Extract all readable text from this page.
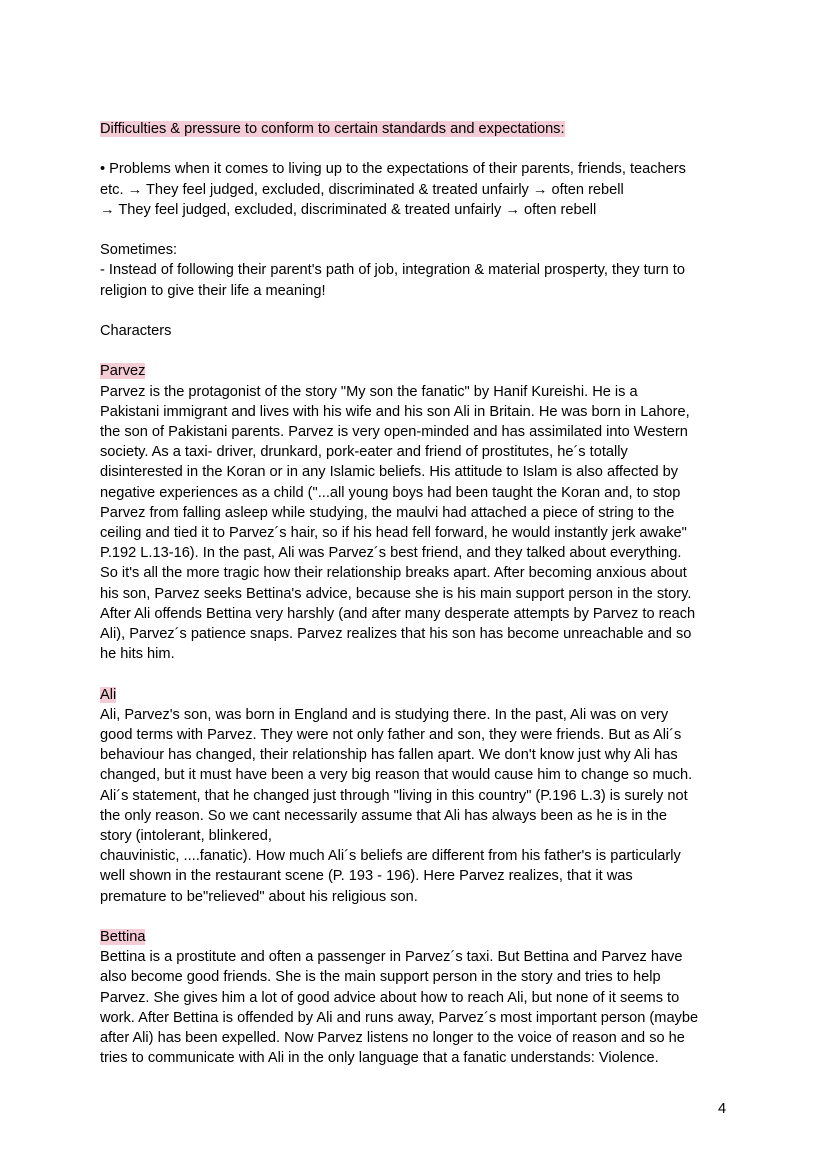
Difficulties & pressure to conform to certain standards and expectations:
• Problems when it comes to living up to the expectations of their parents, friends, teachers
etc. → They feel judged, excluded, discriminated & treated unfairly → often rebell
→ They feel judged, excluded, discriminated & treated unfairly → often rebell
Sometimes:
- Instead of following their parent's path of job, integration & material prosperty, they turn to
religion to give their life a meaning!
Characters
Parvez
Parvez is the protagonist of the story "My son the fanatic" by Hanif Kureishi. He is a
Pakistani immigrant and lives with his wife and his son Ali in Britain. He was born in Lahore,
the son of Pakistani parents. Parvez is very open-minded and has assimilated into Western
society. As a taxi- driver, drunkard, pork-eater and friend of prostitutes, he´s totally
disinterested in the Koran or in any Islamic beliefs. His attitude to Islam is also affected by
negative experiences as a child ("...all young boys had been taught the Koran and, to stop
Parvez from falling asleep while studying, the maulvi had attached a piece of string to the
ceiling and tied it to Parvez´s hair, so if his head fell forward, he would instantly jerk awake"
P.192 L.13-16). In the past, Ali was Parvez´s best friend, and they talked about everything.
So it's all the more tragic how their relationship breaks apart. After becoming anxious about
his son, Parvez seeks Bettina's advice, because she is his main support person in the story.
After Ali offends Bettina very harshly (and after many desperate attempts by Parvez to reach
Ali), Parvez´s patience snaps. Parvez realizes that his son has become unreachable and so
he hits him.
Ali
Ali, Parvez's son, was born in England and is studying there. In the past, Ali was on very
good terms with Parvez. They were not only father and son, they were friends. But as Ali´s
behaviour has changed, their relationship has fallen apart. We don't know just why Ali has
changed, but it must have been a very big reason that would cause him to change so much.
Ali´s statement, that he changed just through "living in this country" (P.196 L.3) is surely not
the only reason. So we cant necessarily assume that Ali has always been as he is in the
story (intolerant, blinkered,
chauvinistic, ....fanatic). How much Ali´s beliefs are different from his father's is particularly
well shown in the restaurant scene (P. 193 - 196). Here Parvez realizes, that it was
premature to be"relieved" about his religious son.
Bettina
Bettina is a prostitute and often a passenger in Parvez´s taxi. But Bettina and Parvez have
also become good friends. She is the main support person in the story and tries to help
Parvez. She gives him a lot of good advice about how to reach Ali, but none of it seems to
work. After Bettina is offended by Ali and runs away, Parvez´s most important person (maybe
after Ali) has been expelled. Now Parvez listens no longer to the voice of reason and so he
tries to communicate with Ali in the only language that a fanatic understands: Violence.
4
